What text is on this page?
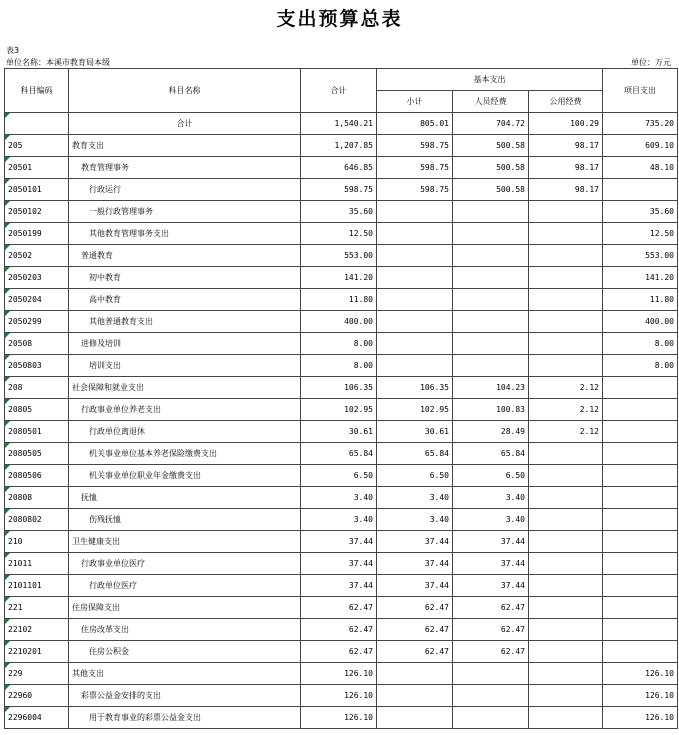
支出预算总表
表3
单位名称：本溪市教育局本级	单位：万元
科目编码	科目名称	合计	基本支出			项目支出
			小计	人员经费	公用经费	
	合计	1,540.21	805.01	704.72	100.29	735.20
205	教育支出	1,207.85	598.75	500.58	98.17	609.10
20501	教育管理事务	646.85	598.75	500.58	98.17	48.10
2050101	行政运行	598.75	598.75	500.58	98.17	
2050102	一般行政管理事务	35.60				35.60
2050199	其他教育管理事务支出	12.50				12.50
20502	普通教育	553.00				553.00
2050203	初中教育	141.20				141.20
2050204	高中教育	11.80				11.80
2050299	其他普通教育支出	400.00				400.00
20508	进修及培训	8.00				8.00
2050803	培训支出	8.00				8.00
208	社会保障和就业支出	106.35	106.35	104.23	2.12	
20805	行政事业单位养老支出	102.95	102.95	100.83	2.12	
2080501	行政单位离退休	30.61	30.61	28.49	2.12	
2080505	机关事业单位基本养老保险缴费支出	65.84	65.84	65.84		
2080506	机关事业单位职业年金缴费支出	6.50	6.50	6.50		
20808	抚恤	3.40	3.40	3.40		
2080802	伤残抚恤	3.40	3.40	3.40		
210	卫生健康支出	37.44	37.44	37.44		
21011	行政事业单位医疗	37.44	37.44	37.44		
2101101	行政单位医疗	37.44	37.44	37.44		
221	住房保障支出	62.47	62.47	62.47		
22102	住房改革支出	62.47	62.47	62.47		
2210201	住房公积金	62.47	62.47	62.47		
229	其他支出	126.10				126.10
22960	彩票公益金安排的支出	126.10				126.10
2296004	用于教育事业的彩票公益金支出	126.10				126.10
